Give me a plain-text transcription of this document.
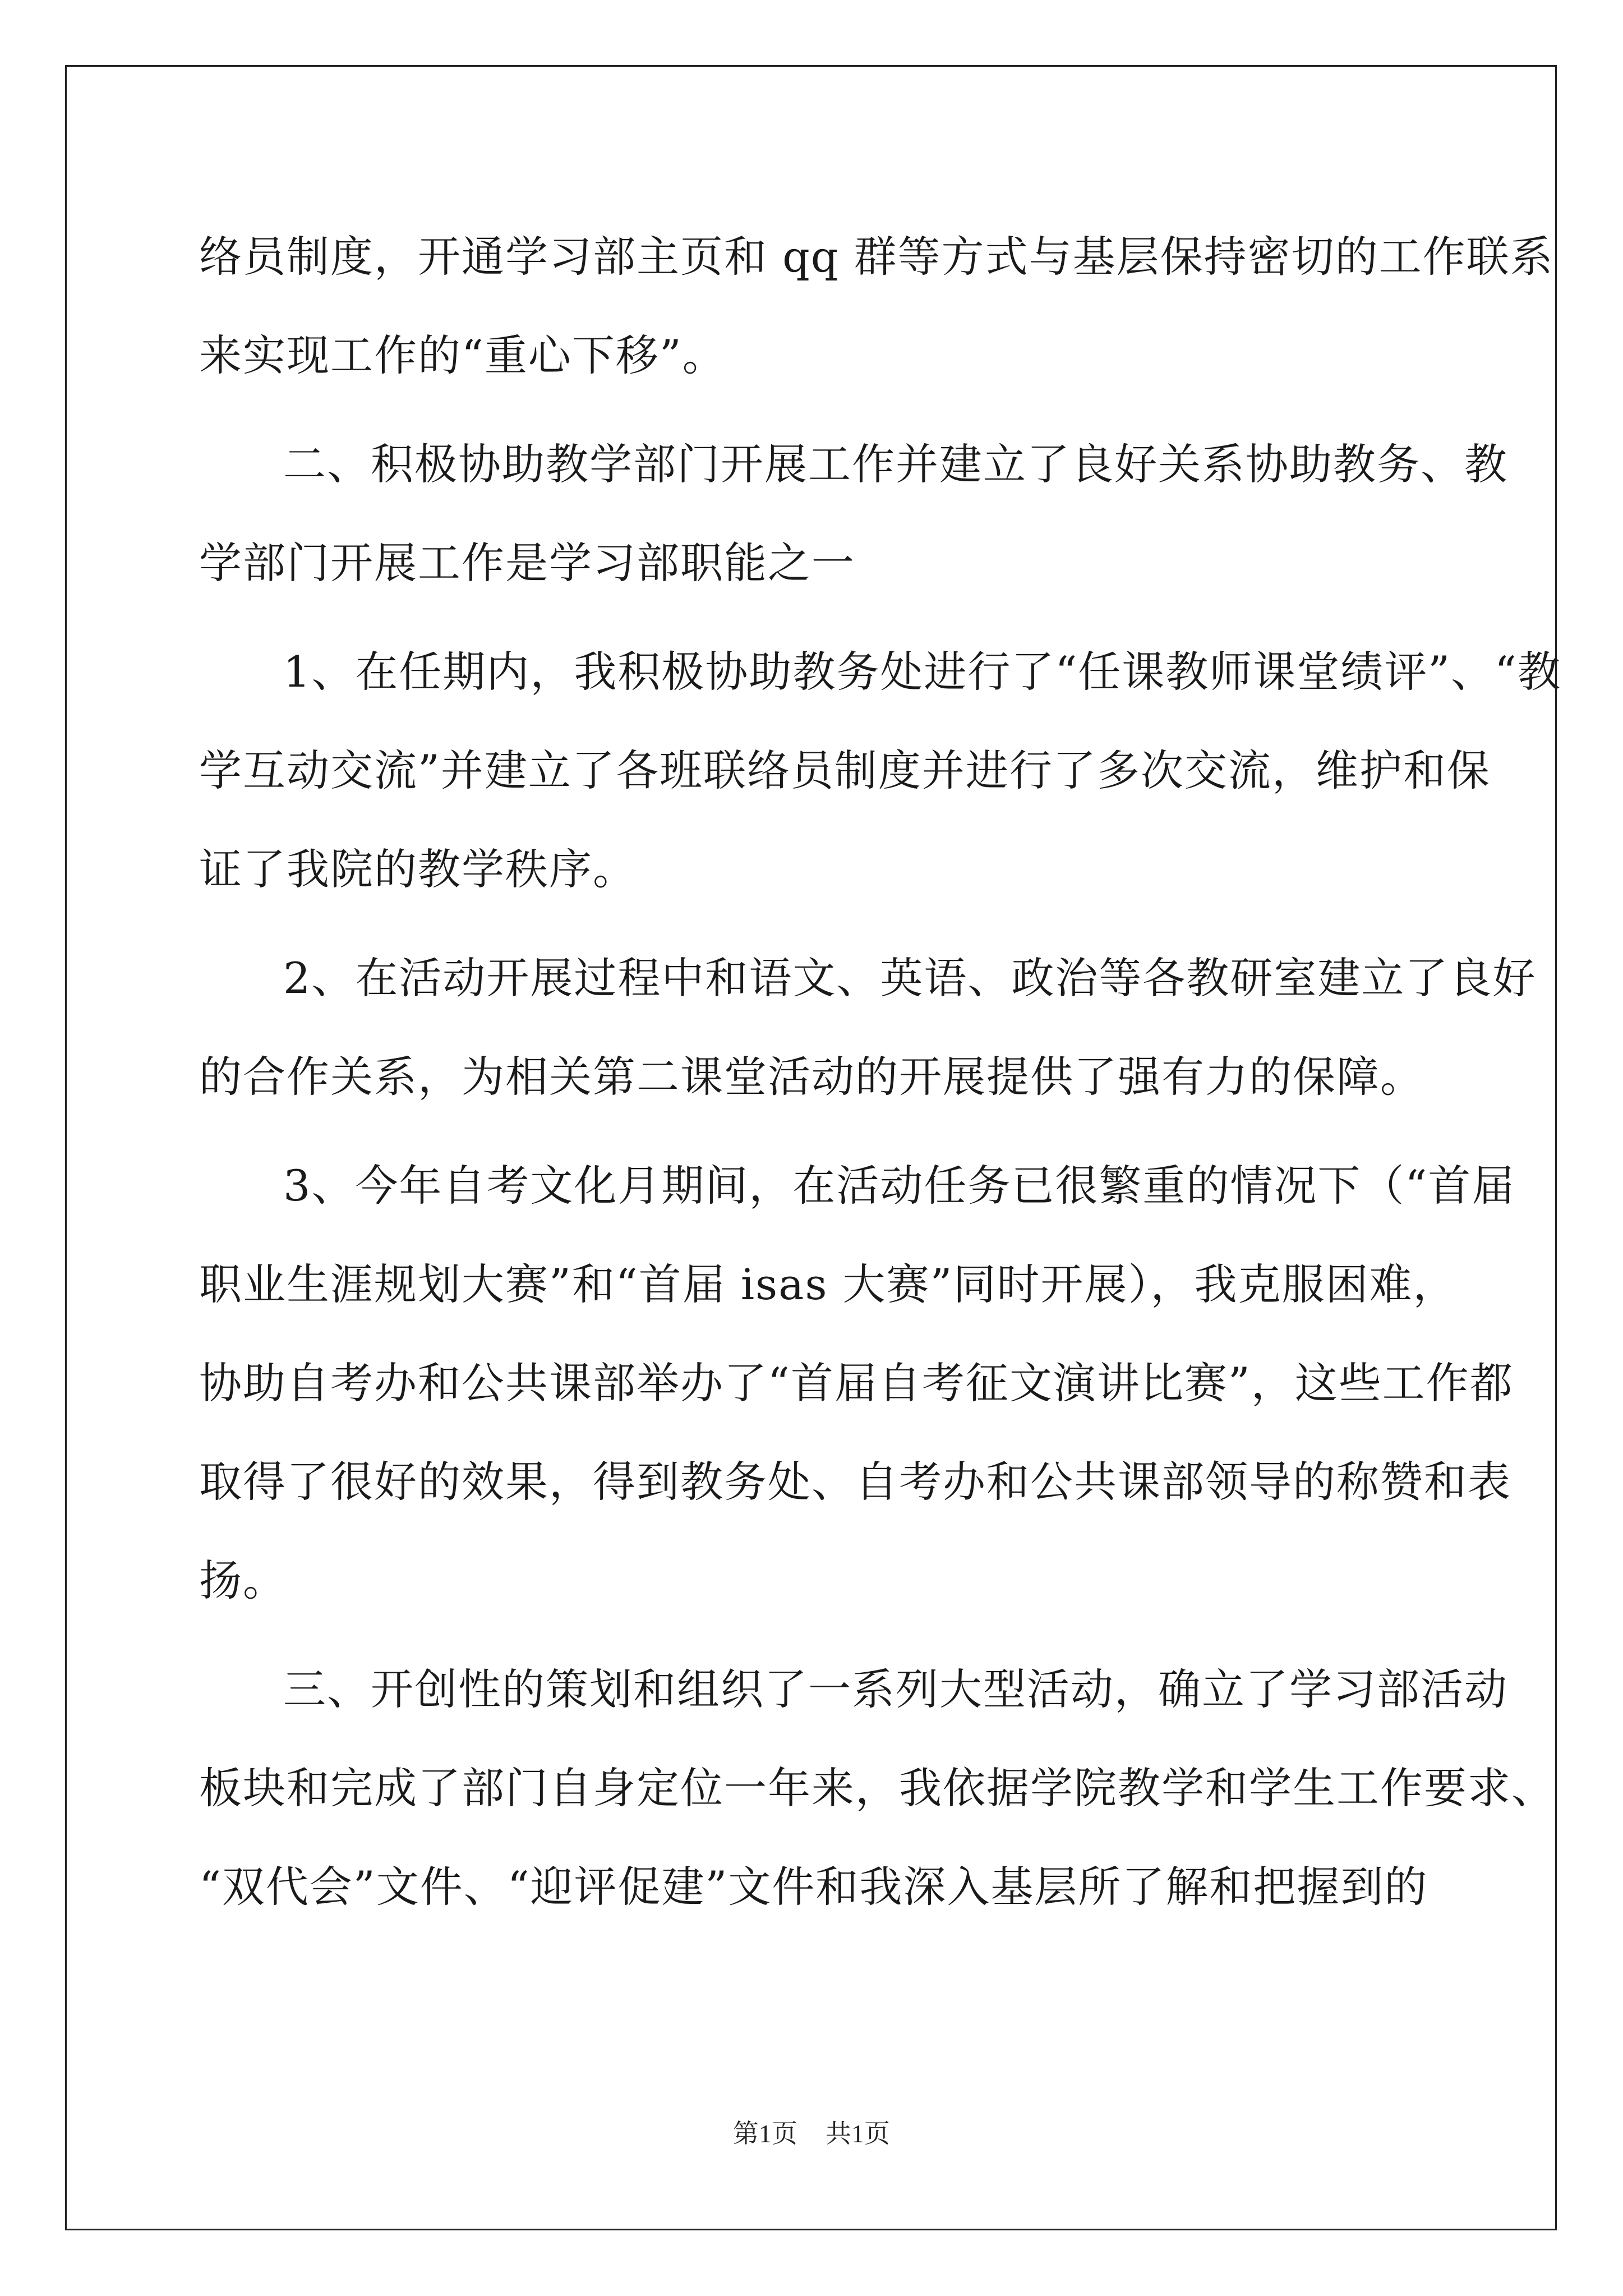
络员制度，开通学习部主页和 qq 群等方式与基层保持密切的工作联系
来实现工作的“重心下移”。
二、积极协助教学部门开展工作并建立了良好关系协助教务、教
学部门开展工作是学习部职能之一
1、在任期内，我积极协助教务处进行了“任课教师课堂绩评”、“教
学互动交流”并建立了各班联络员制度并进行了多次交流，维护和保
证了我院的教学秩序。
2、在活动开展过程中和语文、英语、政治等各教研室建立了良好
的合作关系，为相关第二课堂活动的开展提供了强有力的保障。
3、今年自考文化月期间，在活动任务已很繁重的情况下（“首届
职业生涯规划大赛”和“首届 isas 大赛”同时开展），我克服困难，
协助自考办和公共课部举办了“首届自考征文演讲比赛”，这些工作都
取得了很好的效果，得到教务处、自考办和公共课部领导的称赞和表
扬。
三、开创性的策划和组织了一系列大型活动，确立了学习部活动
板块和完成了部门自身定位一年来，我依据学院教学和学生工作要求、
“双代会”文件、“迎评促建”文件和我深入基层所了解和把握到的
第1页 共1页
